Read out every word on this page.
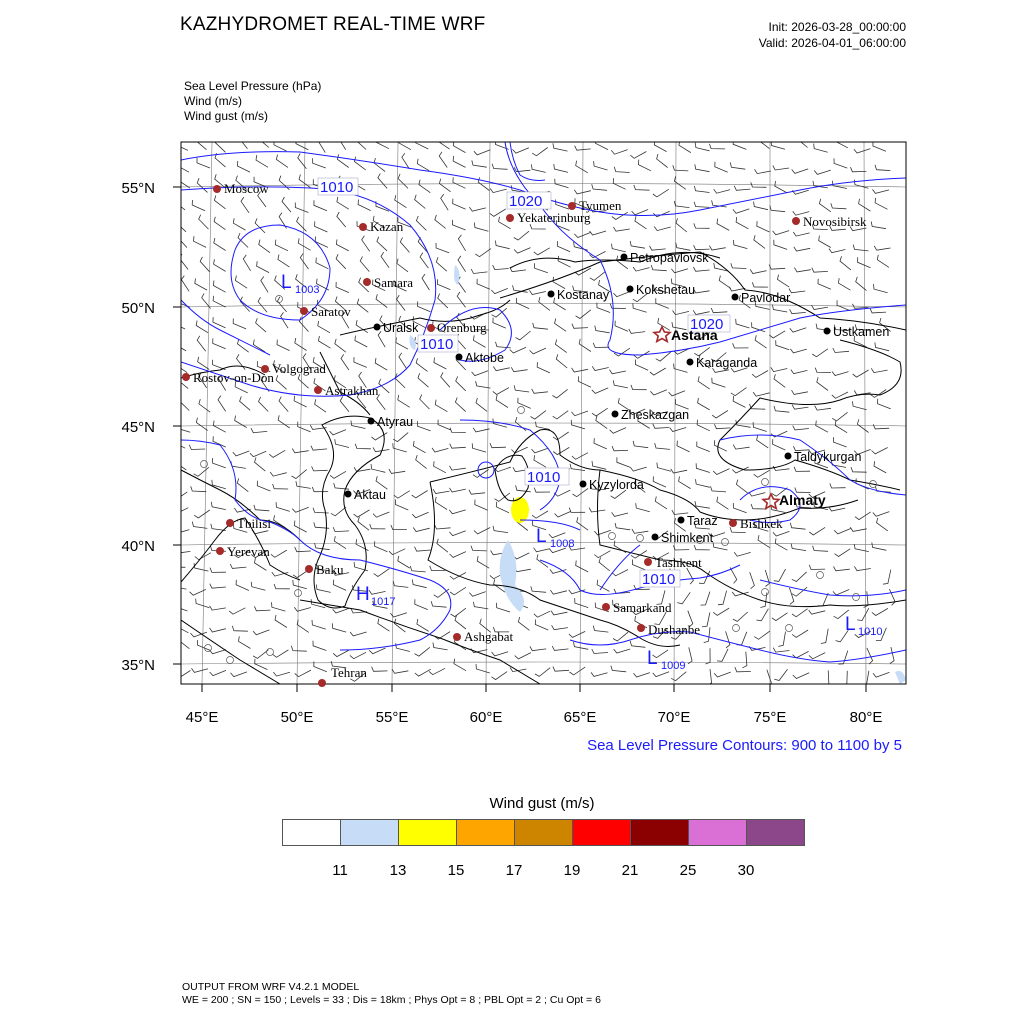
KAZHYDROMET REAL-TIME WRF	Init: 2026-03-28_00:00:00
Valid: 2026-04-01_06:00:00
Sea Level Pressure (hPa)
Wind (m/s)
Wind gust (m/s)
55°N
50°N
45°N
40°N
35°N
45°E	50°E	55°E	60°E	65°E	70°E	75°E	80°E
1010
1020
1010
1020
1010
1010
L 1003
H 1017
L 1008
L 1009
L 1010
Moscow
Kazan
Samara
Saratov
Volgograd
Rostov-on-Don
Astrakhan
Orenburg
Tyumen
Yekaterinburg	Novosibirsk
Tbilisi
Yerevan
Baku
Ashgabat
Tehran
Samarkand
Dushanbe
Tashkent
Bishkek
Petropavlovsk
Kostanay Kokshetau
Pavlodar
Uralsk
Aktobe
Ustkamen
Karaganda
Zheskazgan
Atyrau
Taldykurgan
Kyzylorda
Aktau
Taraz
Shimkent
Astana
Almaty
Sea Level Pressure Contours: 900 to 1100 by 5
Wind gust (m/s)
11	13	15	17	19	21	25	30
OUTPUT FROM WRF V4.2.1 MODEL
WE = 200 ; SN = 150 ; Levels = 33 ; Dis = 18km ; Phys Opt = 8 ; PBL Opt = 2 ; Cu Opt = 6
